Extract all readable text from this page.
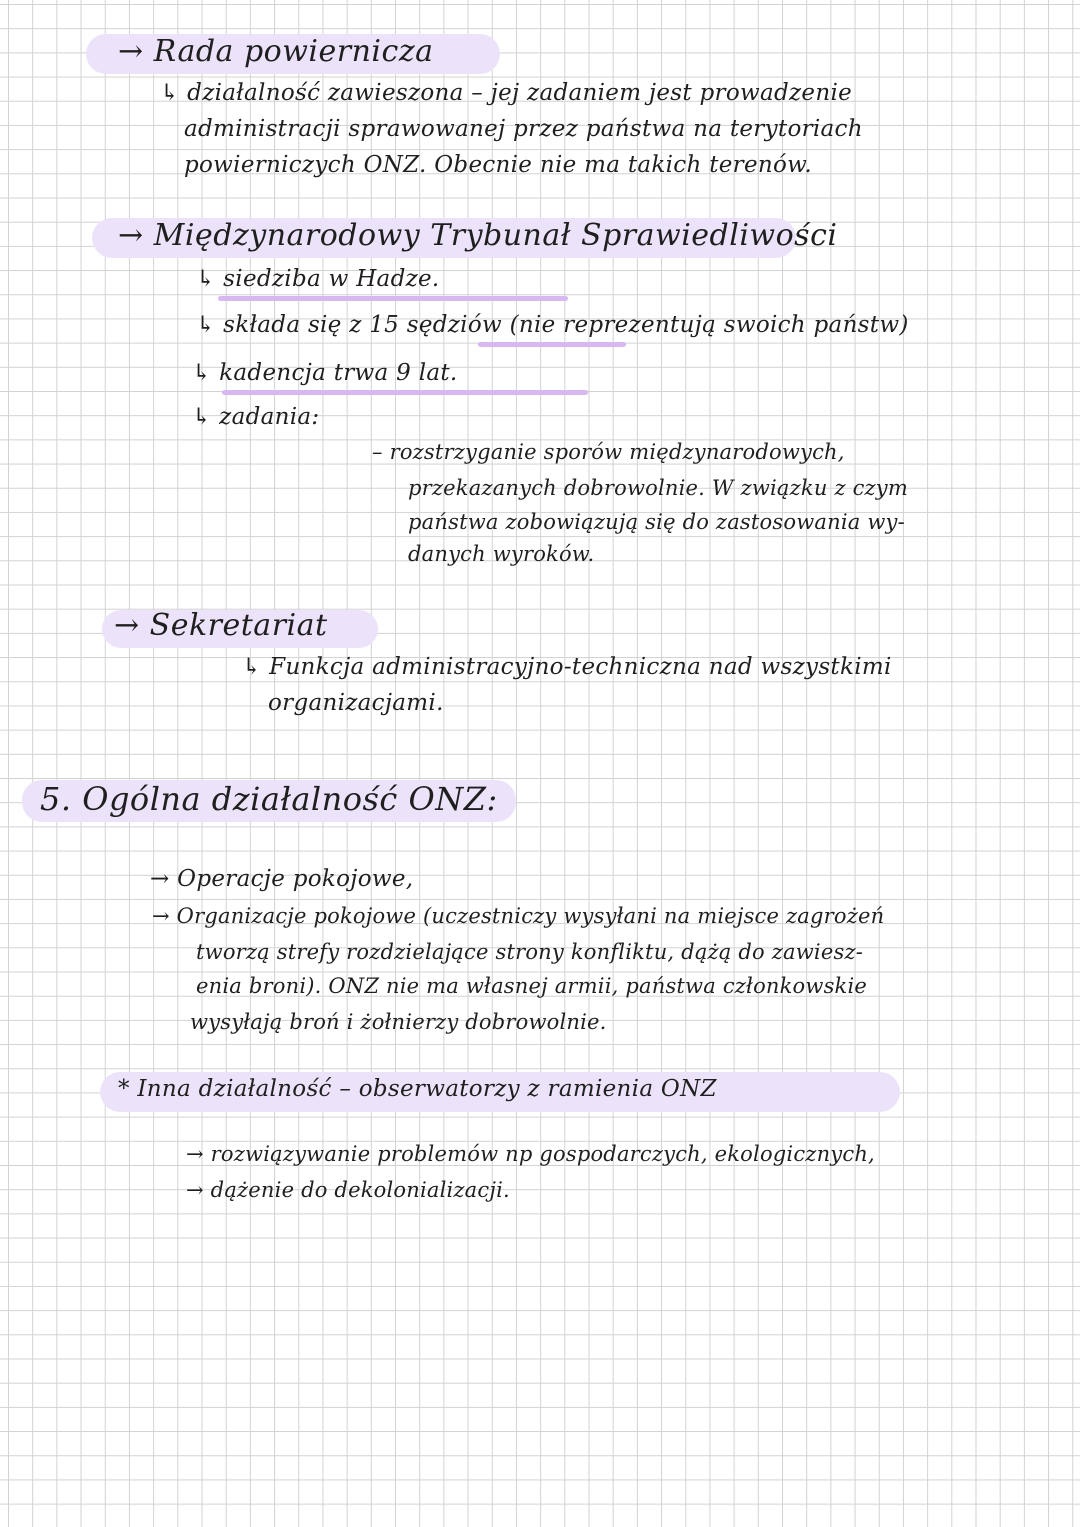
→ Rada powiernicza
↳ działalność zawieszona – jej zadaniem jest prowadzenie
administracji sprawowanej przez państwa na terytoriach
powierniczych ONZ. Obecnie nie ma takich terenów.
→ Międzynarodowy Trybunał Sprawiedliwości
↳ siedziba w Hadze.
↳ składa się z 15 sędziów (nie reprezentują swoich państw)
↳ kadencja trwa 9 lat.
↳ zadania:
– rozstrzyganie sporów międzynarodowych,
przekazanych dobrowolnie. W związku z czym
państwa zobowiązują się do zastosowania wy-
danych wyroków.
→ Sekretariat
↳ Funkcja administracyjno-techniczna nad wszystkimi
organizacjami.
5. Ogólna działalność ONZ:
→ Operacje pokojowe,
→ Organizacje pokojowe (uczestniczy wysyłani na miejsce zagrożeń
tworzą strefy rozdzielające strony konfliktu, dążą do zawiesz-
enia broni). ONZ nie ma własnej armii, państwa członkowskie
wysyłają broń i żołnierzy dobrowolnie.
* Inna działalność – obserwatorzy z ramienia ONZ
→ rozwiązywanie problemów np gospodarczych, ekologicznych,
→ dążenie do dekolonializacji.
